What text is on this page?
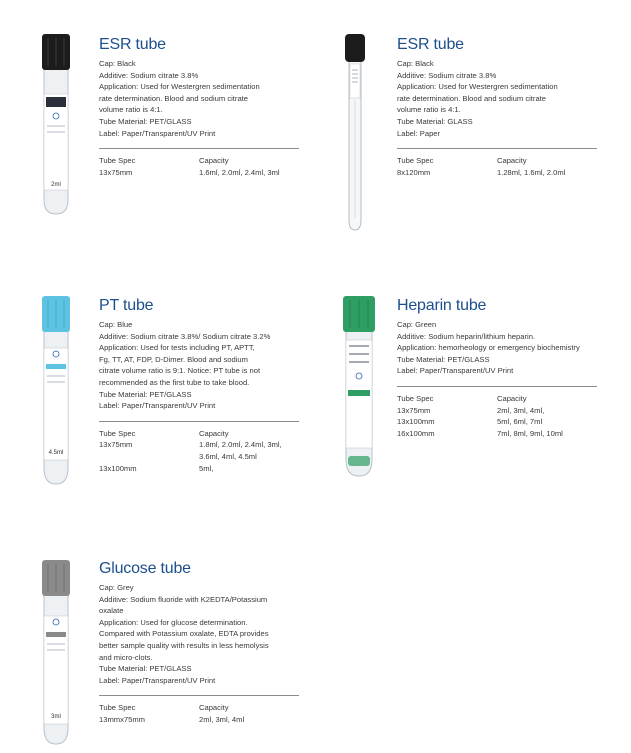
2ml
ESR tube
Cap: Black
Additive: Sodium citrate 3.8%
Application: Used for Westergren sedimentation
rate determination. Blood and sodium citrate
volume ratio is 4:1.
Tube Material: PET/GLASS
Label: Paper/Transparent/UV Print
Tube Spec	Capacity
13x75mm	1.6ml, 2.0ml, 2.4ml, 3ml
ESR tube
Cap: Black
Additive: Sodium citrate 3.8%
Application: Used for Westergren sedimentation
rate determination. Blood and sodium citrate
volume ratio is 4:1.
Tube Material: GLASS
Label: Paper
Tube Spec	Capacity
8x120mm	1.28ml, 1.6ml, 2.0ml
4.5ml
PT tube
Cap: Blue
Additive: Sodium citrate 3.8%/ Sodium citrate 3.2%
Application: Used for tests including PT, APTT,
Fg, TT, AT, FDP, D-Dimer. Blood and sodium
citrate volume ratio is 9:1. Notice: PT tube is not
recommended as the first tube to take blood.
Tube Material: PET/GLASS
Label: Paper/Transparent/UV Print
Tube Spec	Capacity
13x75mm	1.8ml, 2.0ml, 2.4ml, 3ml,
3.6ml, 4ml, 4.5ml
13x100mm	5ml,
Heparin tube
Cap: Green
Additive: Sodium heparin/lithium heparin.
Application: hemorheology or emergency biochemistry
Tube Material: PET/GLASS
Label: Paper/Transparent/UV Print
Tube Spec	Capacity
13x75mm	2ml, 3ml, 4ml,
13x100mm	5ml, 6ml, 7ml
16x100mm	7ml, 8ml, 9ml, 10ml
3ml
Glucose tube
Cap: Grey
Additive: Sodium fluoride with K2EDTA/Potassium
oxalate
Application: Used for glucose determination.
Compared with Potassium oxalate, EDTA provides
better sample quality with results in less hemolysis
and micro-clots.
Tube Material: PET/GLASS
Label: Paper/Transparent/UV Print
Tube Spec	Capacity
13mmx75mm	2ml, 3ml, 4ml
